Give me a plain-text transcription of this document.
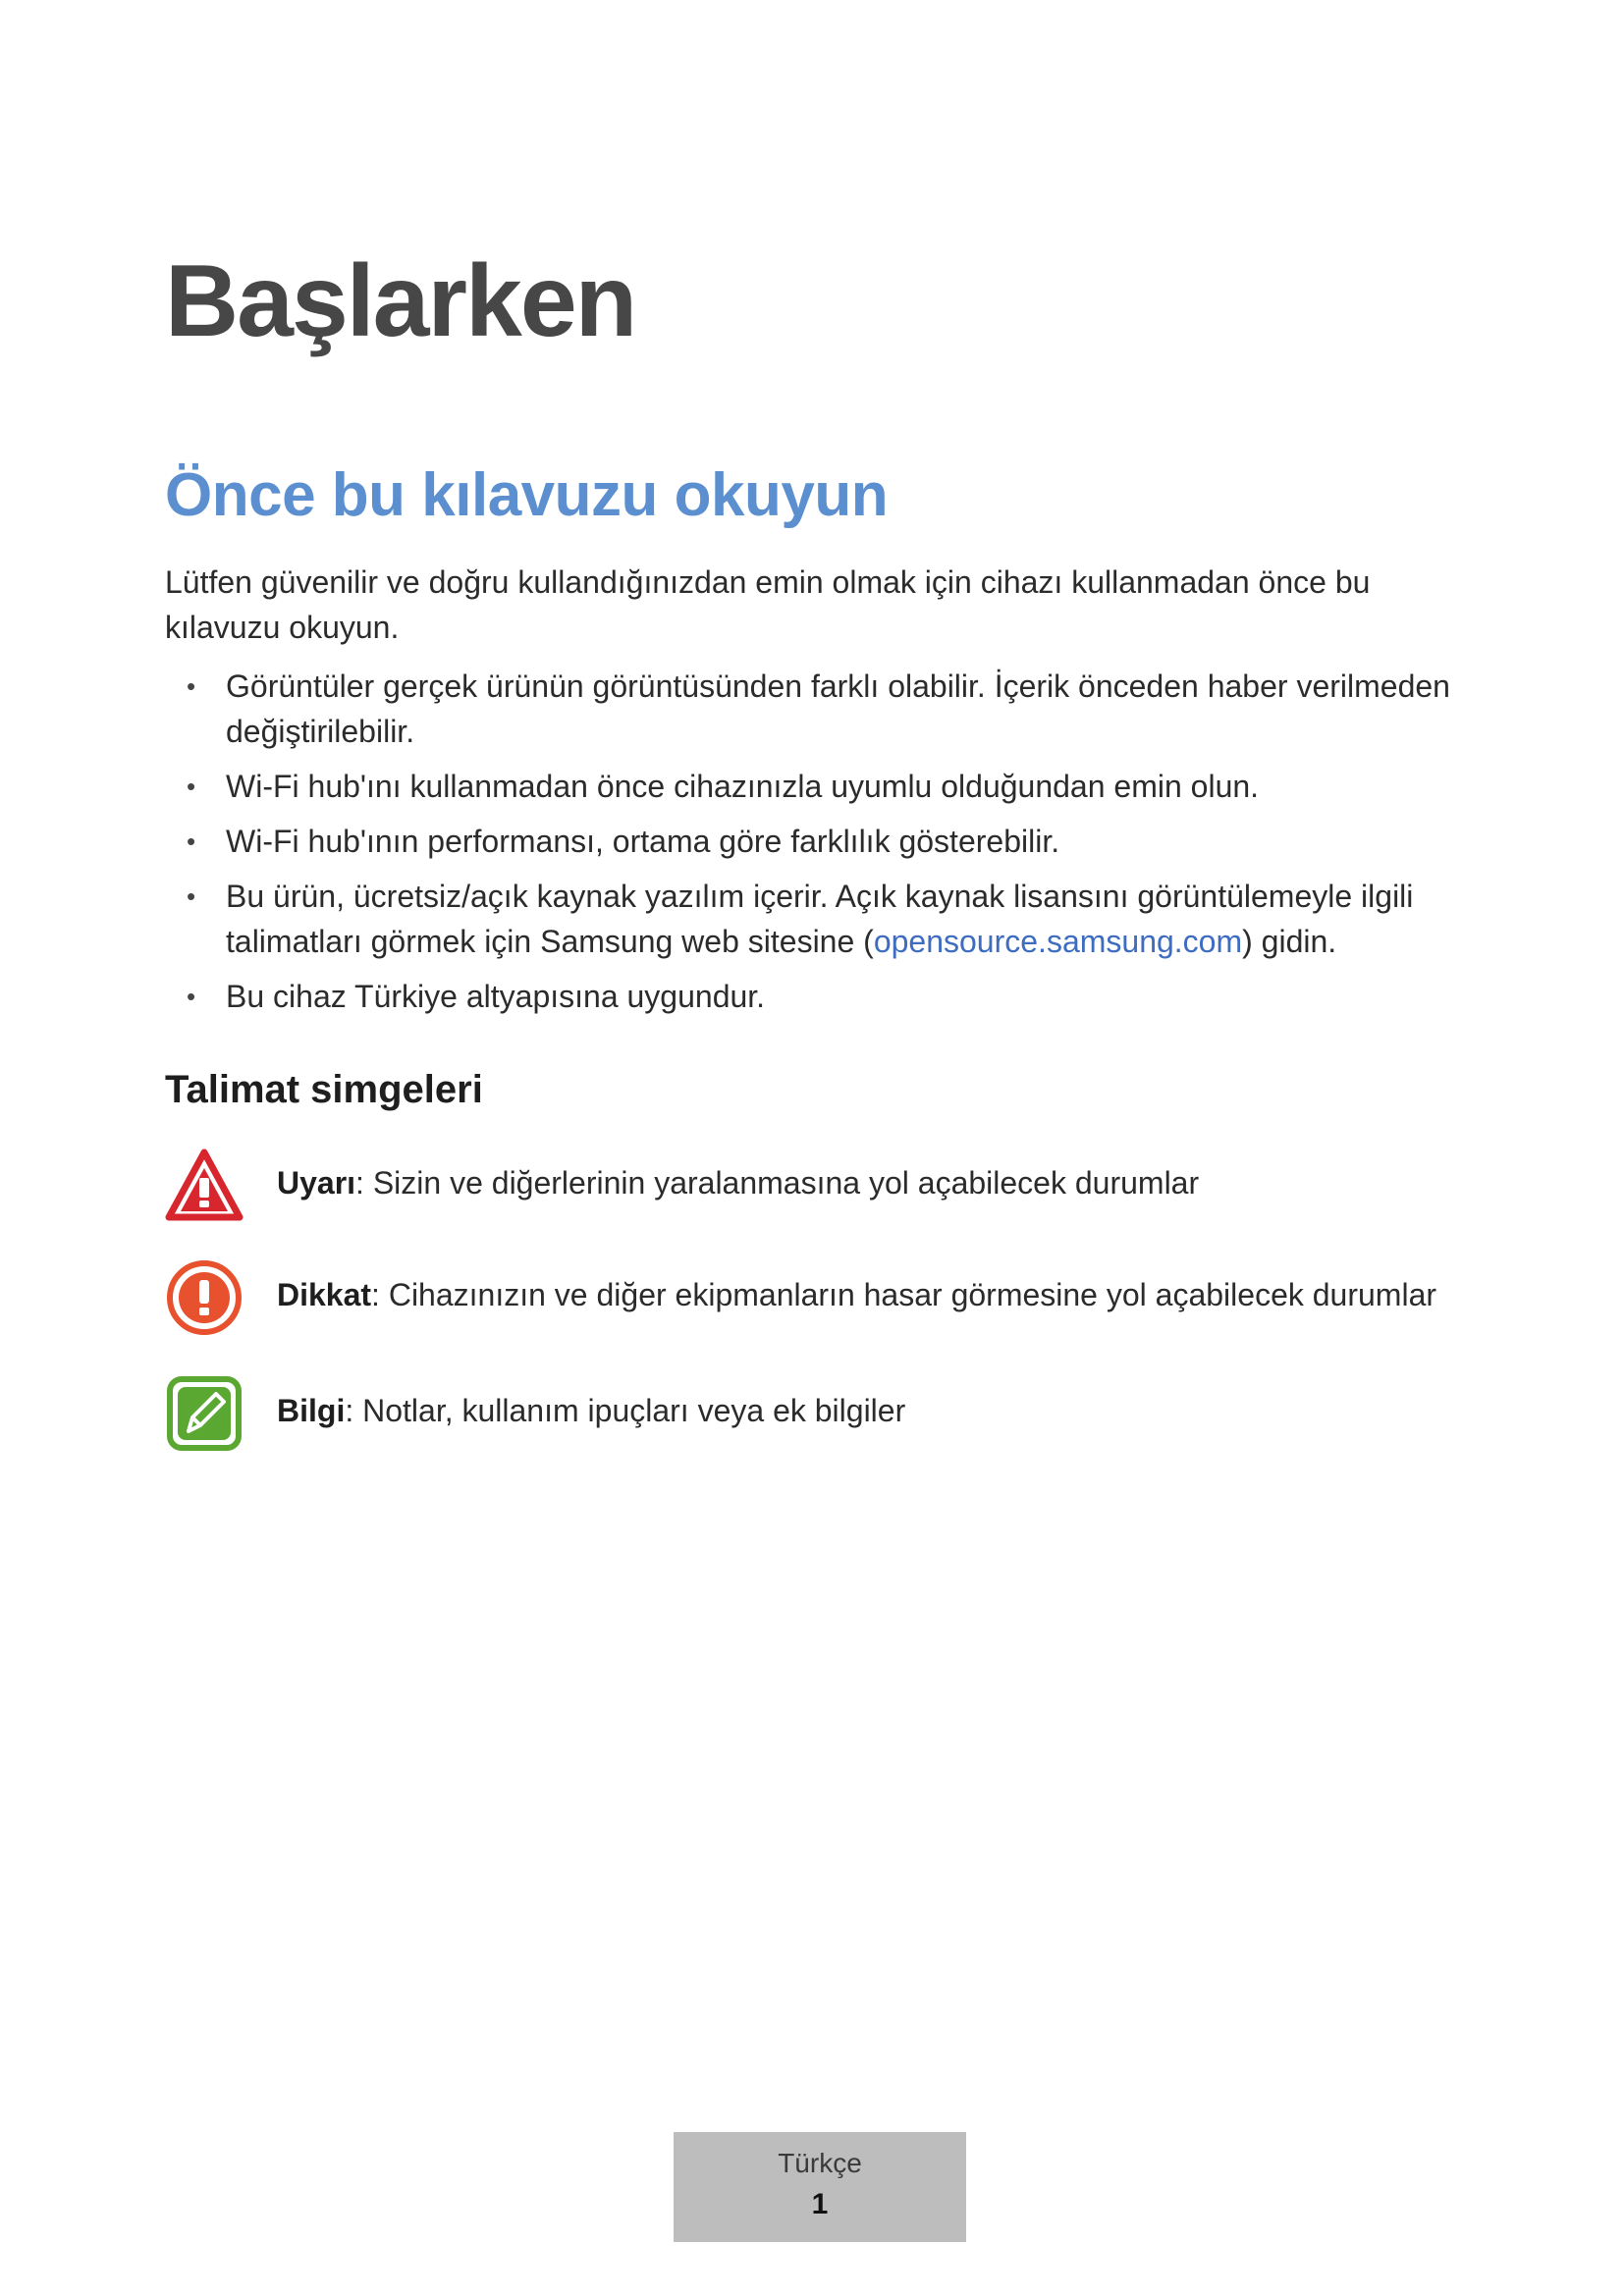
Başlarken
Önce bu kılavuzu okuyun

Lütfen güvenilir ve doğru kullandığınızdan emin olmak için cihazı kullanmadan önce bu kılavuzu okuyun.

• Görüntüler gerçek ürünün görüntüsünden farklı olabilir. İçerik önceden haber verilmeden değiştirilebilir.
• Wi-Fi hub'ını kullanmadan önce cihazınızla uyumlu olduğundan emin olun.
• Wi-Fi hub'ının performansı, ortama göre farklılık gösterebilir.
• Bu ürün, ücretsiz/açık kaynak yazılım içerir. Açık kaynak lisansını görüntülemeyle ilgili talimatları görmek için Samsung web sitesine (opensource.samsung.com) gidin.
• Bu cihaz Türkiye altyapısına uygundur.
Talimat simgeleri
Uyarı: Sizin ve diğerlerinin yaralanmasına yol açabilecek durumlar
Dikkat: Cihazınızın ve diğer ekipmanların hasar görmesine yol açabilecek durumlar
Bilgi: Notlar, kullanım ipuçları veya ek bilgiler
Türkçe
1
